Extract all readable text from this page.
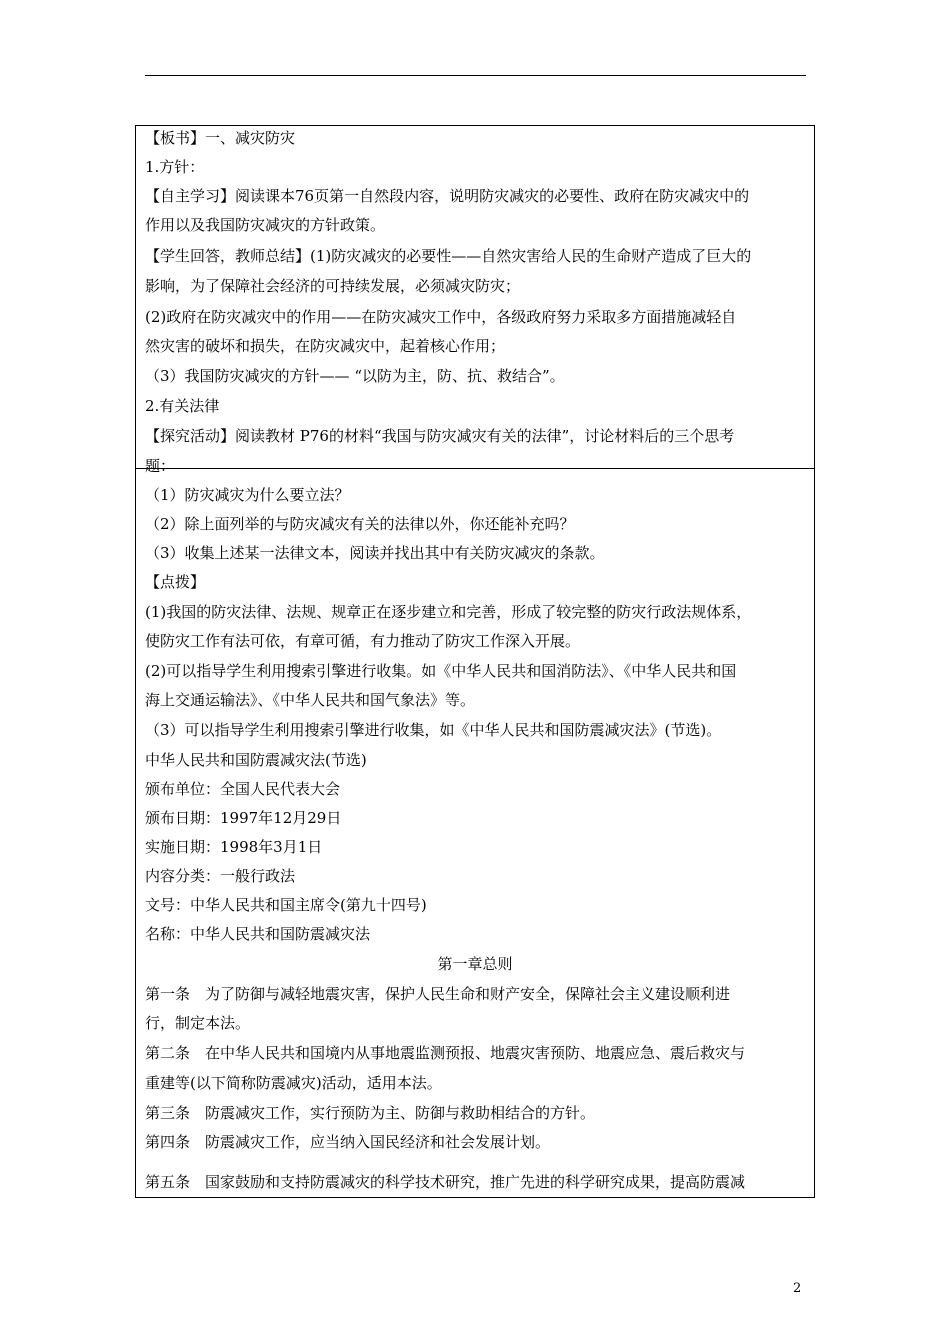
【板书】一、减灾防灾
1.方针：
【自主学习】阅读课本76页第一自然段内容，说明防灾减灾的必要性、政府在防灾减灾中的
作用以及我国防灾减灾的方针政策。
【学生回答，教师总结】(1)防灾减灾的必要性——自然灾害给人民的生命财产造成了巨大的
影响，为了保障社会经济的可持续发展，必须减灾防灾；
(2)政府在防灾减灾中的作用——在防灾减灾工作中，各级政府努力采取多方面措施减轻自
然灾害的破坏和损失，在防灾减灾中，起着核心作用；
（3）我国防灾减灾的方针—— “以防为主，防、抗、救结合”。
2.有关法律
【探究活动】阅读教材 P76的材料“我国与防灾减灾有关的法律”，讨论材料后的三个思考
题：
（1）防灾减灾为什么要立法？
（2）除上面列举的与防灾减灾有关的法律以外，你还能补充吗？
（3）收集上述某一法律文本，阅读并找出其中有关防灾减灾的条款。
【点拨】
(1)我国的防灾法律、法规、规章正在逐步建立和完善，形成了较完整的防灾行政法规体系，
使防灾工作有法可依，有章可循，有力推动了防灾工作深入开展。
(2)可以指导学生利用搜索引擎进行收集。如《中华人民共和国消防法》、《中华人民共和国
海上交通运输法》、《中华人民共和国气象法》等。
（3）可以指导学生利用搜索引擎进行收集，如《中华人民共和国防震减灾法》(节选)。
中华人民共和国防震减灾法(节选)
颁布单位：全国人民代表大会
颁布日期：1997年12月29日
实施日期：1998年3月1日
内容分类：一般行政法
文号：中华人民共和国主席令(第九十四号)
名称：中华人民共和国防震减灾法
第一章总则
第一条　为了防御与减轻地震灾害，保护人民生命和财产安全，保障社会主义建设顺利进
行，制定本法。
第二条　在中华人民共和国境内从事地震监测预报、地震灾害预防、地震应急、震后救灾与
重建等(以下简称防震减灾)活动，适用本法。
第三条　防震减灾工作，实行预防为主、防御与救助相结合的方针。
第四条　防震减灾工作，应当纳入国民经济和社会发展计划。
第五条　国家鼓励和支持防震减灾的科学技术研究，推广先进的科学研究成果，提高防震减
2
